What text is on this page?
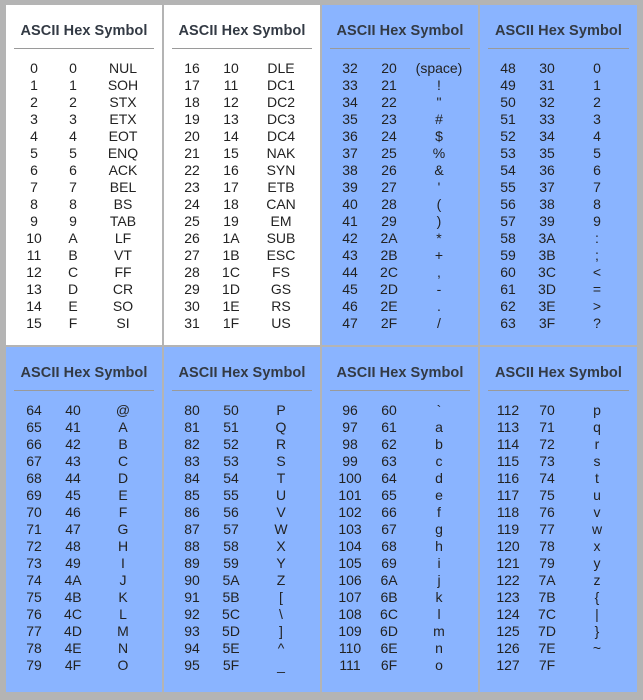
ASCII Hex Symbol
0	0	NUL
1	1	SOH
2	2	STX
3	3	ETX
4	4	EOT
5	5	ENQ
6	6	ACK
7	7	BEL
8	8	BS
9	9	TAB
10	A	LF
11	B	VT
12	C	FF
13	D	CR
14	E	SO
15	F	SI
ASCII Hex Symbol
16	10	DLE
17	11	DC1
18	12	DC2
19	13	DC3
20	14	DC4
21	15	NAK
22	16	SYN
23	17	ETB
24	18	CAN
25	19	EM
26	1A	SUB
27	1B	ESC
28	1C	FS
29	1D	GS
30	1E	RS
31	1F	US
ASCII Hex Symbol
32	20	(space)
33	21	!
34	22	"
35	23	#
36	24	$
37	25	%
38	26	&
39	27	'
40	28	(
41	29	)
42	2A	*
43	2B	+
44	2C	,
45	2D	-
46	2E	.
47	2F	/
ASCII Hex Symbol
48	30	0
49	31	1
50	32	2
51	33	3
52	34	4
53	35	5
54	36	6
55	37	7
56	38	8
57	39	9
58	3A	:
59	3B	;
60	3C	<
61	3D	=
62	3E	>
63	3F	?
ASCII Hex Symbol
64	40	@
65	41	A
66	42	B
67	43	C
68	44	D
69	45	E
70	46	F
71	47	G
72	48	H
73	49	I
74	4A	J
75	4B	K
76	4C	L
77	4D	M
78	4E	N
79	4F	O
ASCII Hex Symbol
80	50	P
81	51	Q
82	52	R
83	53	S
84	54	T
85	55	U
86	56	V
87	57	W
88	58	X
89	59	Y
90	5A	Z
91	5B	[
92	5C	\
93	5D	]
94	5E	^
95	5F	_
ASCII Hex Symbol
96	60	`
97	61	a
98	62	b
99	63	c
100	64	d
101	65	e
102	66	f
103	67	g
104	68	h
105	69	i
106	6A	j
107	6B	k
108	6C	l
109	6D	m
110	6E	n
111	6F	o
ASCII Hex Symbol
112	70	p
113	71	q
114	72	r
115	73	s
116	74	t
117	75	u
118	76	v
119	77	w
120	78	x
121	79	y
122	7A	z
123	7B	{
124	7C	|
125	7D	}
126	7E	~
127	7F
